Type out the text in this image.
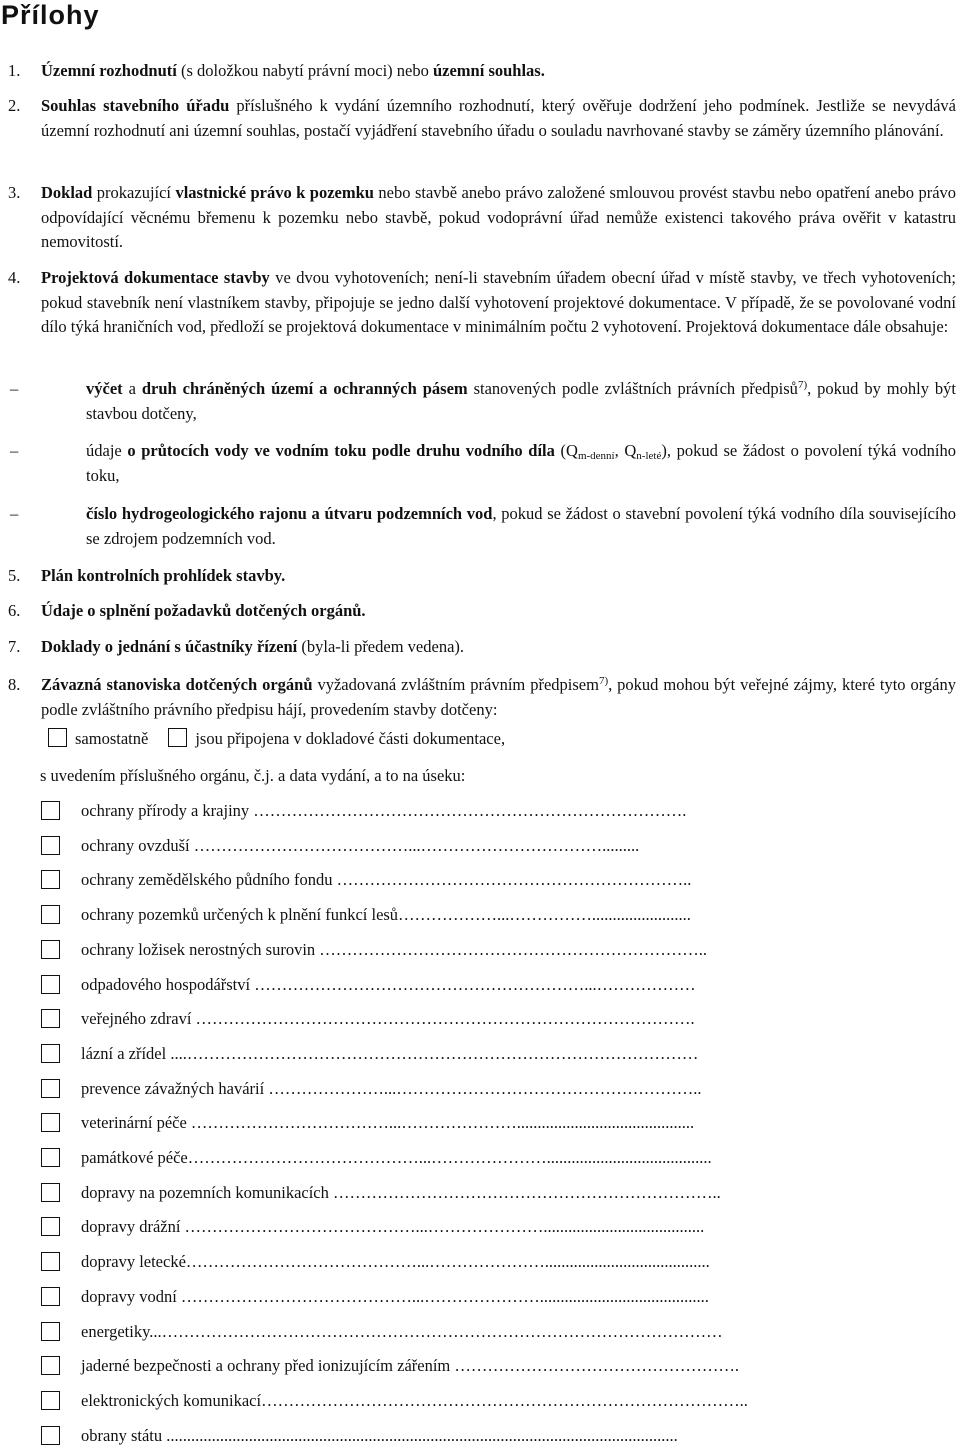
Přílohy
1. Územní rozhodnutí (s doložkou nabytí právní moci) nebo územní souhlas.
2. Souhlas stavebního úřadu příslušného k vydání územního rozhodnutí, který ověřuje dodržení jeho podmínek. Jestliže se nevydává územní rozhodnutí ani územní souhlas, postačí vyjádření stavebního úřadu o souladu navrhované stavby se záměry územního plánování.
3. Doklad prokazující vlastnické právo k pozemku nebo stavbě anebo právo založené smlouvou provést stavbu nebo opatření anebo právo odpovídající věcnému břemenu k pozemku nebo stavbě, pokud vodoprávní úřad nemůže existenci takového práva ověřit v katastru nemovitostí.
4. Projektová dokumentace stavby ve dvou vyhotoveních; není-li stavebním úřadem obecní úřad v místě stavby, ve třech vyhotoveních; pokud stavebník není vlastníkem stavby, připojuje se jedno další vyhotovení projektové dokumentace. V případě, že se povolované vodní dílo týká hraničních vod, předloží se projektová dokumentace v minimálním počtu 2 vyhotovení. Projektová dokumentace dále obsahuje:
–	výčet a druh chráněných území a ochranných pásem stanovených podle zvláštních právních předpisů$^{7)}$, pokud by mohly být stavbou dotčeny,
–	údaje o průtocích vody ve vodním toku podle druhu vodního díla ($Q_{m-denní}$, $Q_{n-leté}$), pokud se žádost o povolení týká vodního toku,
–	číslo hydrogeologického rajonu a útvaru podzemních vod, pokud se žádost o stavební povolení týká vodního díla souvisejícího se zdrojem podzemních vod.
5. Plán kontrolních prohlídek stavby.
6. Údaje o splnění požadavků dotčených orgánů.
7. Doklady o jednání s účastníky řízení (byla-li předem vedena).
8. Závazná stanoviska dotčených orgánů vyžadovaná zvláštním právním předpisem$^{7)}$, pokud mohou být veřejné zájmy, které tyto orgány podle zvláštního právního předpisu hájí, provedením stavby dotčeny:
samostatně	jsou připojena v dokladové části dokumentace,
s uvedením příslušného orgánu, č.j. a data vydání, a to na úseku:
ochrany přírody a krajiny …………………………………………………………………….
ochrany ovzduší …………………………………...…………………………….........
ochrany zemědělského půdního fondu ………………………………………………………..
ochrany pozemků určených k plnění funkcí lesů………………...……………........................
ochrany ložisek nerostných surovin ……………………………………………………………..
odpadového hospodářství ……………………………………………………...………………
veřejného zdraví ……………………………………………………………………………….
lázní a zřídel ....…………………………………………………………………………………
prevence závažných havárií …………………...………………………………………………..
veterinární péče ………………………………...…………………...........................................
památkové péče……………………………………...…………………........................................
dopravy na pozemních komunikacích ……………………………………………………………..
dopravy drážní ……………………………………...………………….......................................
dopravy letecké……………………………………...…………………........................................
dopravy vodní ……………………………………...………………….........................................
energetiky...…………………………………………………………………………………………
jaderné bezpečnosti a ochrany před ionizujícím zářením …………………………………………….
elektronických komunikací……………………………………………………………………………..
obrany státu ............................................................................................................................
